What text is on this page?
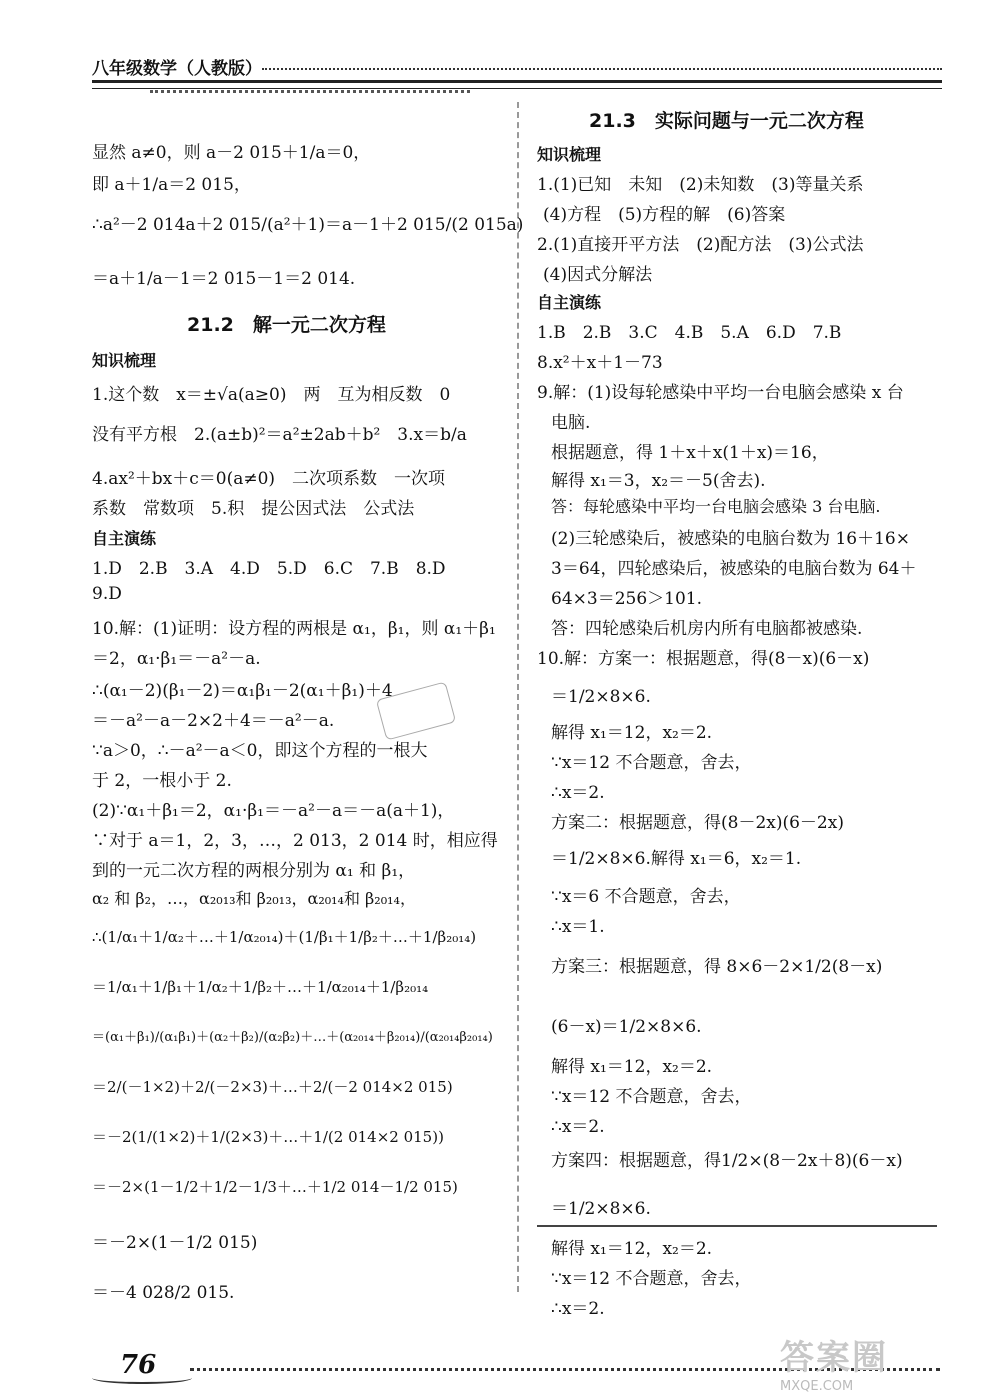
八年级数学（人教版）
显然 a≠0，则 a－2 015＋1/a＝0，
即 a＋1/a＝2 015，
∴a²－2 014a＋2 015/(a²＋1)＝a－1＋2 015/(2 015a)
＝a＋1/a－1＝2 015－1＝2 014.
21.2　解一元二次方程
知识梳理
1.这个数　x＝±√a(a≥0)　两　互为相反数　0
没有平方根　2.(a±b)²＝a²±2ab＋b²　3.x＝b/a
4.ax²＋bx＋c＝0(a≠0)　二次项系数　一次项
系数　常数项　5.积　提公因式法　公式法
自主演练
1.D　2.B　3.A　4.D　5.D　6.C　7.B　8.D
9.D
10.解：(1)证明：设方程的两根是 α₁，β₁，则 α₁＋β₁
＝2，α₁·β₁＝－a²－a.
∴(α₁－2)(β₁－2)＝α₁β₁－2(α₁＋β₁)＋4
＝－a²－a－2×2＋4＝－a²－a.
∵a＞0，∴－a²－a＜0，即这个方程的一根大
于 2，一根小于 2.
(2)∵α₁＋β₁＝2，α₁·β₁＝－a²－a＝－a(a＋1)，
∵对于 a＝1，2，3，…，2 013，2 014 时，相应得
到的一元二次方程的两根分别为 α₁ 和 β₁，
α₂ 和 β₂，…，α₂₀₁₃和 β₂₀₁₃，α₂₀₁₄和 β₂₀₁₄，
∴(1/α₁＋1/α₂＋…＋1/α₂₀₁₄)＋(1/β₁＋1/β₂＋…＋1/β₂₀₁₄)
＝1/α₁＋1/β₁＋1/α₂＋1/β₂＋…＋1/α₂₀₁₄＋1/β₂₀₁₄
＝(α₁＋β₁)/(α₁β₁)＋(α₂＋β₂)/(α₂β₂)＋…＋(α₂₀₁₄＋β₂₀₁₄)/(α₂₀₁₄β₂₀₁₄)
＝2/(－1×2)＋2/(－2×3)＋…＋2/(－2 014×2 015)
＝－2(1/(1×2)＋1/(2×3)＋…＋1/(2 014×2 015))
＝－2×(1－1/2＋1/2－1/3＋…＋1/2 014－1/2 015)
＝－2×(1－1/2 015)
＝－4 028/2 015.
21.3　实际问题与一元二次方程
知识梳理
1.(1)已知　未知　(2)未知数　(3)等量关系
(4)方程　(5)方程的解　(6)答案
2.(1)直接开平方法　(2)配方法　(3)公式法
(4)因式分解法
自主演练
1.B　2.B　3.C　4.B　5.A　6.D　7.B
8.x²＋x＋1－73
9.解：(1)设每轮感染中平均一台电脑会感染 x 台
电脑.
根据题意，得 1＋x＋x(1＋x)＝16，
解得 x₁＝3，x₂＝－5(舍去).
答：每轮感染中平均一台电脑会感染 3 台电脑.
(2)三轮感染后，被感染的电脑台数为 16＋16×
3＝64，四轮感染后，被感染的电脑台数为 64＋
64×3＝256＞101.
答：四轮感染后机房内所有电脑都被感染.
10.解：方案一：根据题意，得(8－x)(6－x)
＝1/2×8×6.
解得 x₁＝12，x₂＝2.
∵x＝12 不合题意，舍去，
∴x＝2.
方案二：根据题意，得(8－2x)(6－2x)
＝1/2×8×6.解得 x₁＝6，x₂＝1.
∵x＝6 不合题意，舍去，
∴x＝1.
方案三：根据题意，得 8×6－2×1/2(8－x)
(6－x)＝1/2×8×6.
解得 x₁＝12，x₂＝2.
∵x＝12 不合题意，舍去，
∴x＝2.
方案四：根据题意，得1/2×(8－2x＋8)(6－x)
＝1/2×8×6.
解得 x₁＝12，x₂＝2.
∵x＝12 不合题意，舍去，
∴x＝2.
76	答案圈
MXQE.COM
